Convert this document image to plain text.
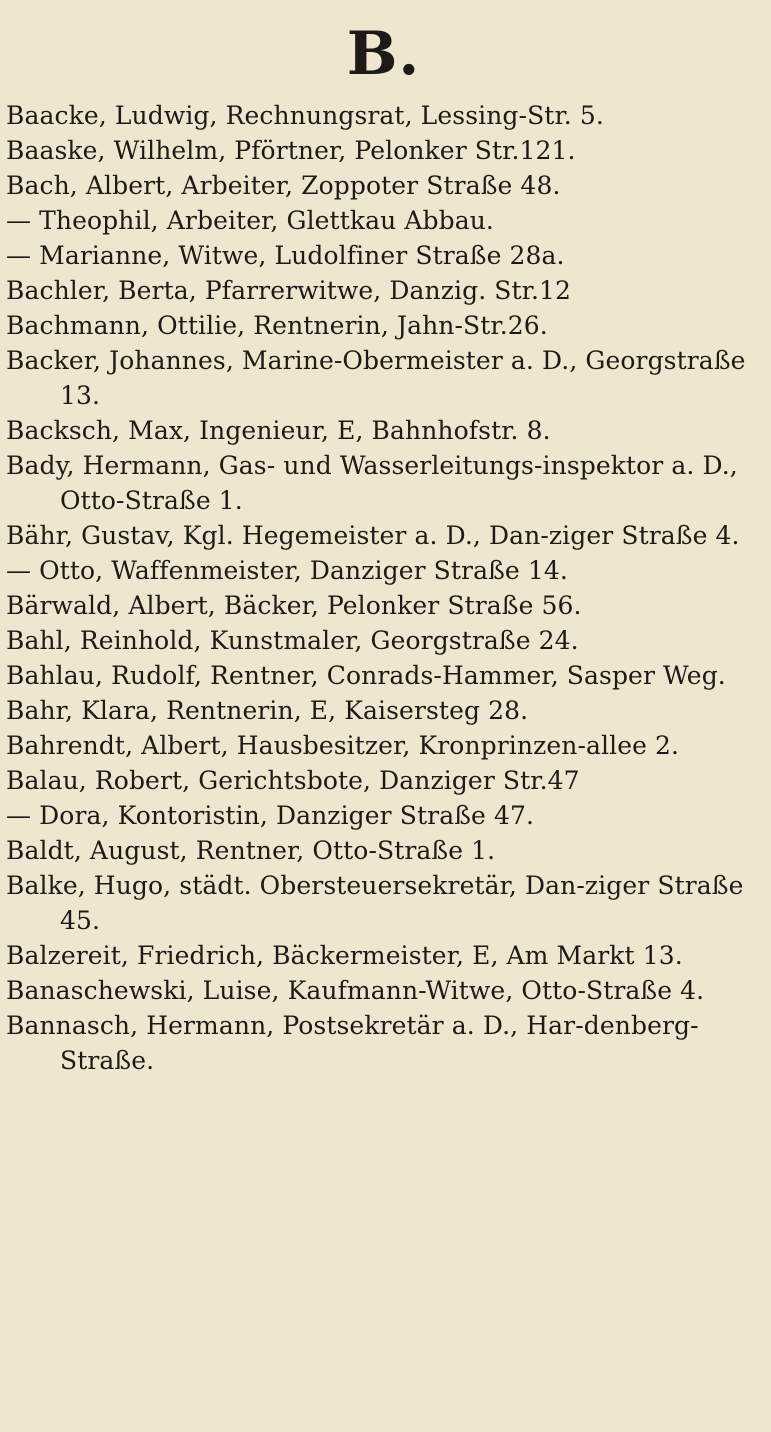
B.
Baacke, Ludwig, Rechnungsrat, Lessing-Str. 5.
Baaske, Wilhelm, Pförtner, Pelonker Str.121.
Bach, Albert, Arbeiter, Zoppoter Straße 48.
— Theophil, Arbeiter, Glettkau Abbau.
— Marianne, Witwe, Ludolfiner Straße 28a.
Bachler, Berta, Pfarrerwitwe, Danzig. Str.12
Bachmann, Ottilie, Rentnerin, Jahn-Str.26.
Backer, Johannes, Marine-Obermeister a. D., Georgstraße 13.
Backsch, Max, Ingenieur, E, Bahnhofstr. 8.
Bady, Hermann, Gas- und Wasserleitungs-inspektor a. D., Otto-Straße 1.
Bähr, Gustav, Kgl. Hegemeister a. D., Dan-ziger Straße 4.
— Otto, Waffenmeister, Danziger Straße 14.
Bärwald, Albert, Bäcker, Pelonker Straße 56.
Bahl, Reinhold, Kunstmaler, Georgstraße 24.
Bahlau, Rudolf, Rentner, Conrads-Hammer, Sasper Weg.
Bahr, Klara, Rentnerin, E, Kaisersteg 28.
Bahrendt, Albert, Hausbesitzer, Kronprinzen-allee 2.
Balau, Robert, Gerichtsbote, Danziger Str.47
— Dora, Kontoristin, Danziger Straße 47.
Baldt, August, Rentner, Otto-Straße 1.
Balke, Hugo, städt. Obersteuersekretär, Dan-ziger Straße 45.
Balzereit, Friedrich, Bäckermeister, E, Am Markt 13.
Banaschewski, Luise, Kaufmann-Witwe, Otto-Straße 4.
Bannasch, Hermann, Postsekretär a. D., Har-denberg-Straße.
